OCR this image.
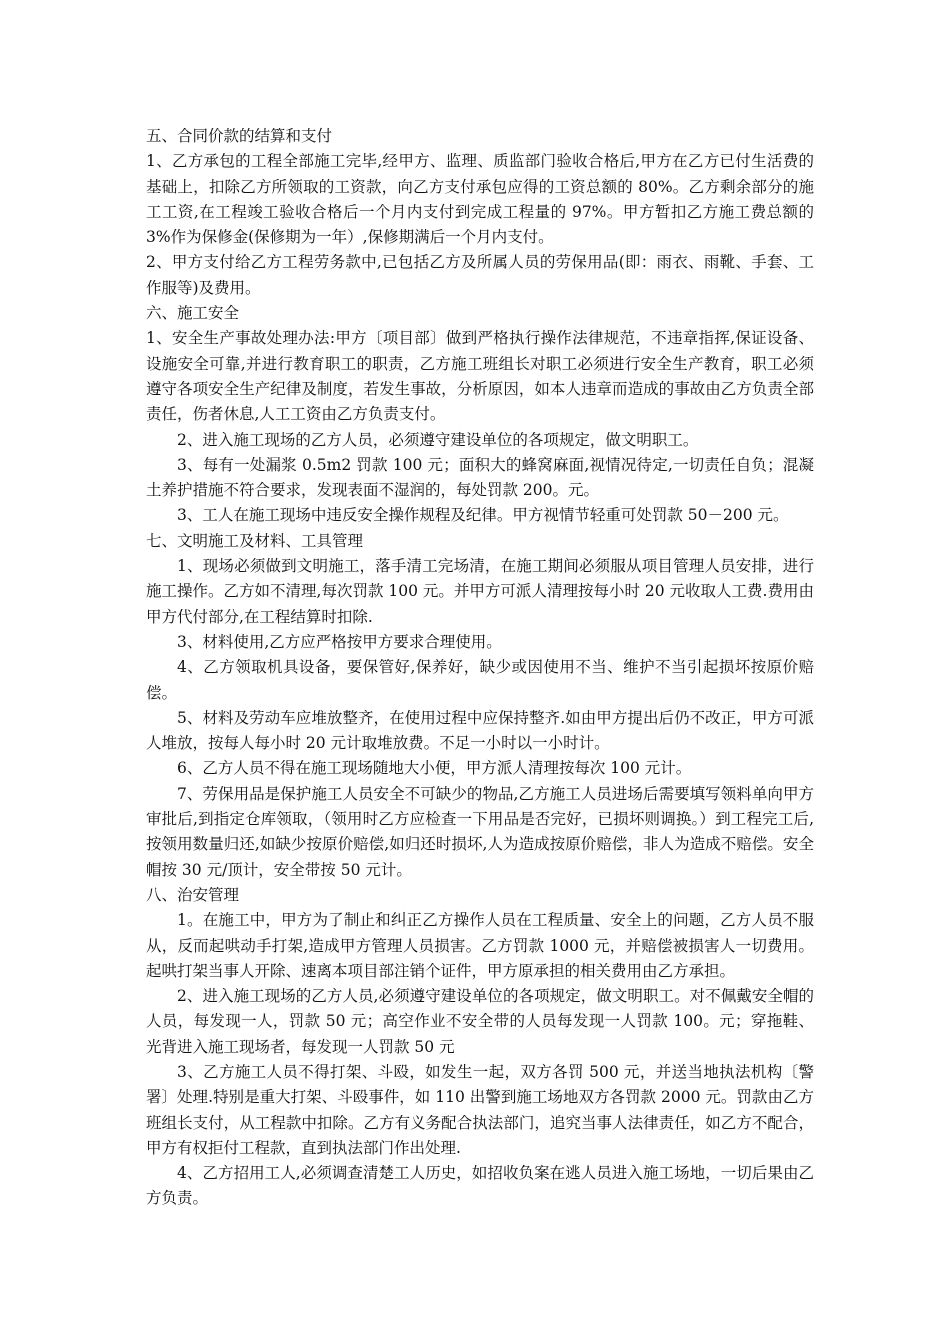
五、合同价款的结算和支付

1、乙方承包的工程全部施工完毕,经甲方、监理、质监部门验收合格后,甲方在乙方已付生活费的基础上，扣除乙方所领取的工资款，向乙方支付承包应得的工资总额的 80%。乙方剩余部分的施工工资,在工程竣工验收合格后一个月内支付到完成工程量的 97%。甲方暂扣乙方施工费总额的 3%作为保修金(保修期为一年）,保修期满后一个月内支付。

2、甲方支付给乙方工程劳务款中,已包括乙方及所属人员的劳保用品(即：雨衣、雨靴、手套、工作服等)及费用。

六、施工安全

1、安全生产事故处理办法:甲方〔项目部〕做到严格执行操作法律规范，不违章指挥,保证设备、设施安全可靠,并进行教育职工的职责，乙方施工班组长对职工必须进行安全生产教育，职工必须遵守各项安全生产纪律及制度，若发生事故，分析原因，如本人违章而造成的事故由乙方负责全部责任，伤者休息,人工工资由乙方负责支付。

2、进入施工现场的乙方人员，必须遵守建设单位的各项规定，做文明职工。

3、每有一处漏浆 0.5m2 罚款 100 元；面积大的蜂窝麻面,视情况待定,一切责任自负；混凝土养护措施不符合要求，发现表面不湿润的，每处罚款 200。元。

3、工人在施工现场中违反安全操作规程及纪律。甲方视情节轻重可处罚款 50－200 元。

七、文明施工及材料、工具管理

1、现场必须做到文明施工，落手清工完场清，在施工期间必须服从项目管理人员安排，进行施工操作。乙方如不清理,每次罚款 100 元。并甲方可派人清理按每小时 20 元收取人工费.费用由甲方代付部分,在工程结算时扣除.

3、材料使用,乙方应严格按甲方要求合理使用。

4、乙方领取机具设备，要保管好,保养好，缺少或因使用不当、维护不当引起损坏按原价赔偿。

5、材料及劳动车应堆放整齐，在使用过程中应保持整齐.如由甲方提出后仍不改正，甲方可派人堆放，按每人每小时 20 元计取堆放费。不足一小时以一小时计。

6、乙方人员不得在施工现场随地大小便，甲方派人清理按每次 100 元计。

7、劳保用品是保护施工人员安全不可缺少的物品,乙方施工人员进场后需要填写领料单向甲方审批后,到指定仓库领取，（领用时乙方应检查一下用品是否完好，已损坏则调换。）到工程完工后,按领用数量归还,如缺少按原价赔偿,如归还时损坏,人为造成按原价赔偿，非人为造成不赔偿。安全帽按 30 元/顶计，安全带按 50 元计。

八、治安管理

1。在施工中，甲方为了制止和纠正乙方操作人员在工程质量、安全上的问题，乙方人员不服从，反而起哄动手打架,造成甲方管理人员损害。乙方罚款 1000 元，并赔偿被损害人一切费用。起哄打架当事人开除、速离本项目部注销个证件，甲方原承担的相关费用由乙方承担。

2、进入施工现场的乙方人员,必须遵守建设单位的各项规定，做文明职工。对不佩戴安全帽的人员，每发现一人，罚款 50 元；高空作业不安全带的人员每发现一人罚款 100。元；穿拖鞋、光背进入施工现场者，每发现一人罚款 50 元

3、乙方施工人员不得打架、斗殴，如发生一起，双方各罚 500 元，并送当地执法机构〔警署〕处理.特别是重大打架、斗殴事件，如 110 出警到施工场地双方各罚款 2000 元。罚款由乙方班组长支付，从工程款中扣除。乙方有义务配合执法部门，追究当事人法律责任，如乙方不配合，甲方有权拒付工程款，直到执法部门作出处理.

4、乙方招用工人,必须调查清楚工人历史，如招收负案在逃人员进入施工场地，一切后果由乙方负责。
